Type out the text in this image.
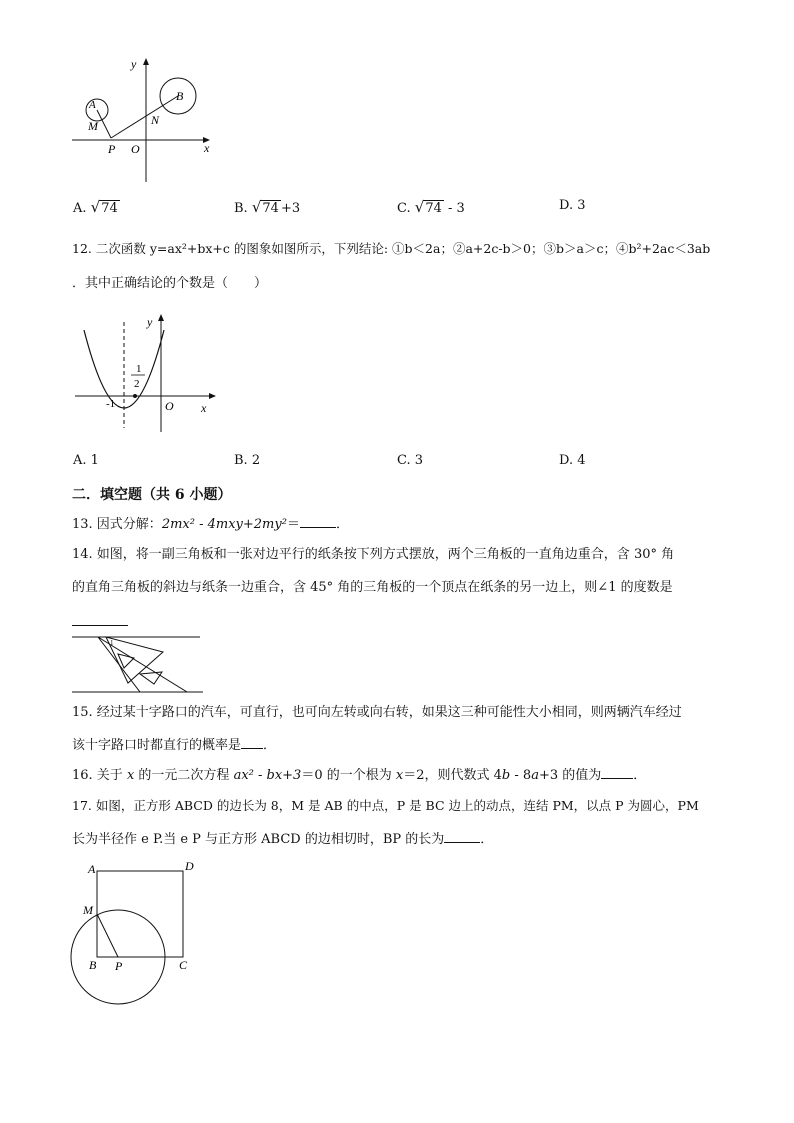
y
x
A
B
M	N
P O
A. √74	B. √74 +3	C. √74 - 3	D. 3
12. 二次函数 y=ax²+bx+c 的图象如图所示，下列结论: ①b＜2a；②a+2c-b＞0；③b＞a＞c；④b²+2ac＜3ab
．其中正确结论的个数是（　　）
y
x
O
-1
1
2
A. 1	B. 2	C. 3	D. 4
二．填空题（共 6 小题）
13. 因式分解：2mx² - 4mxy+2my²＝	．
14. 如图，将一副三角板和一张对边平行的纸条按下列方式摆放，两个三角板的一直角边重合，含 30° 角
的直角三角板的斜边与纸条一边重合，含 45° 角的三角板的一个顶点在纸条的另一边上，则∠1 的度数是
1
15. 经过某十字路口的汽车，可直行，也可向左转或向右转，如果这三种可能性大小相同，则两辆汽车经过
该十字路口时都直行的概率是 ．
16. 关于 x 的一元二次方程 ax² - bx+3＝0 的一个根为 x＝2，则代数式 4b - 8a+3 的值为 ．
17. 如图，正方形 ABCD 的边长为 8，M 是 AB 的中点，P 是 BC 边上的动点，连结 PM，以点 P 为圆心，PM
长为半径作 e P.当 e P 与正方形 ABCD 的边相切时，BP 的长为	．
A	D
M
B P	C
